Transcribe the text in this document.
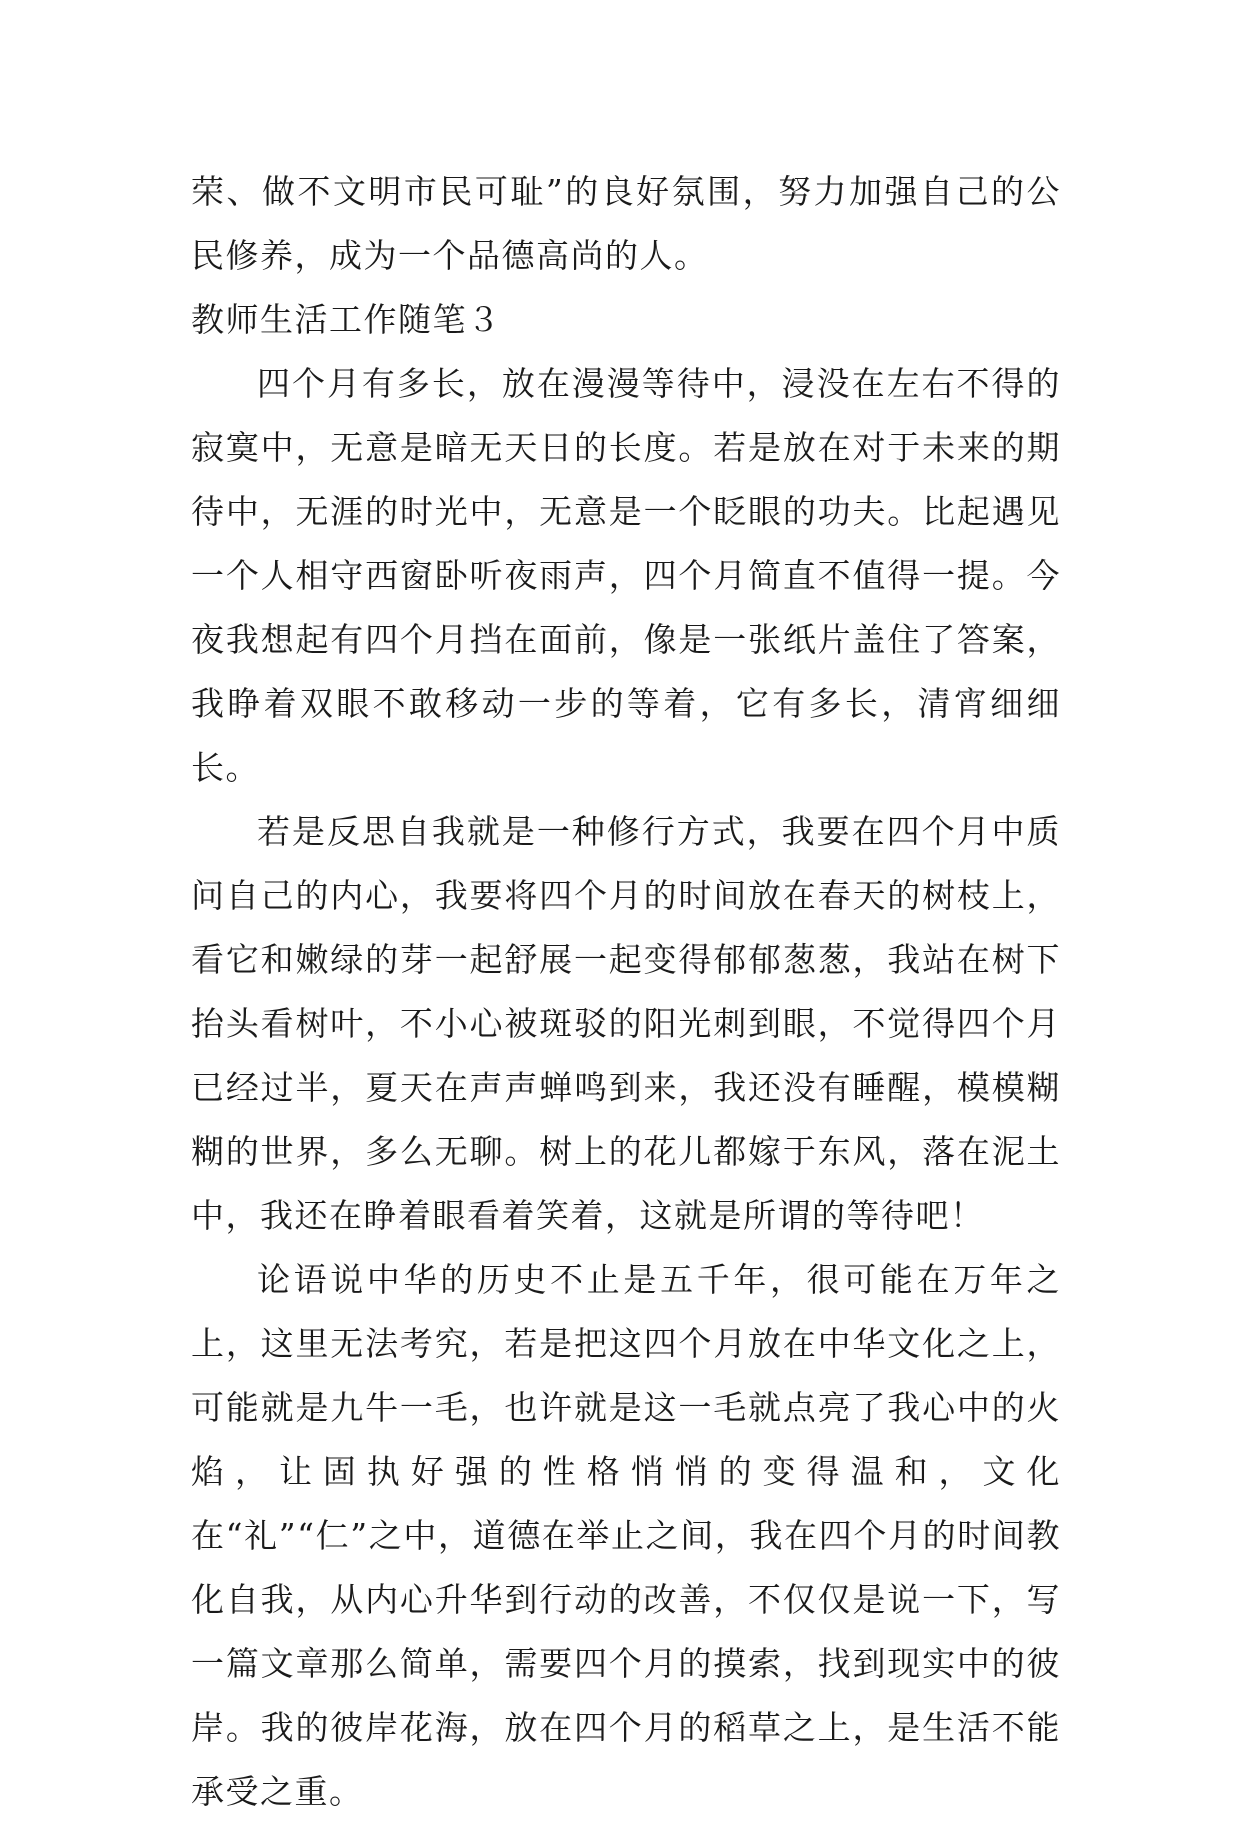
荣、做不文明市民可耻”的良好氛围，努力加强自己的公民修养，成为一个品德高尚的人。

教师生活工作随笔３

四个月有多长，放在漫漫等待中，浸没在左右不得的寂寞中，无意是暗无天日的长度。若是放在对于未来的期待中，无涯的时光中，无意是一个眨眼的功夫。比起遇见一个人相守西窗卧听夜雨声，四个月简直不值得一提。今夜我想起有四个月挡在面前，像是一张纸片盖住了答案，我睁着双眼不敢移动一步的等着，它有多长，清宵细细长。

若是反思自我就是一种修行方式，我要在四个月中质问自己的内心，我要将四个月的时间放在春天的树枝上，看它和嫩绿的芽一起舒展一起变得郁郁葱葱，我站在树下抬头看树叶，不小心被斑驳的阳光刺到眼，不觉得四个月已经过半，夏天在声声蝉鸣到来，我还没有睡醒，模模糊糊的世界，多么无聊。树上的花儿都嫁于东风，落在泥土中，我还在睁着眼看着笑着，这就是所谓的等待吧！

论语说中华的历史不止是五千年，很可能在万年之上，这里无法考究，若是把这四个月放在中华文化之上，可能就是九牛一毛，也许就是这一毛就点亮了我心中的火焰，让固执好强的性格悄悄的变得温和，文化在“礼”“仁”之中，道德在举止之间，我在四个月的时间教化自我，从内心升华到行动的改善，不仅仅是说一下，写一篇文章那么简单，需要四个月的摸索，找到现实中的彼岸。我的彼岸花海，放在四个月的稻草之上，是生活不能承受之重。
